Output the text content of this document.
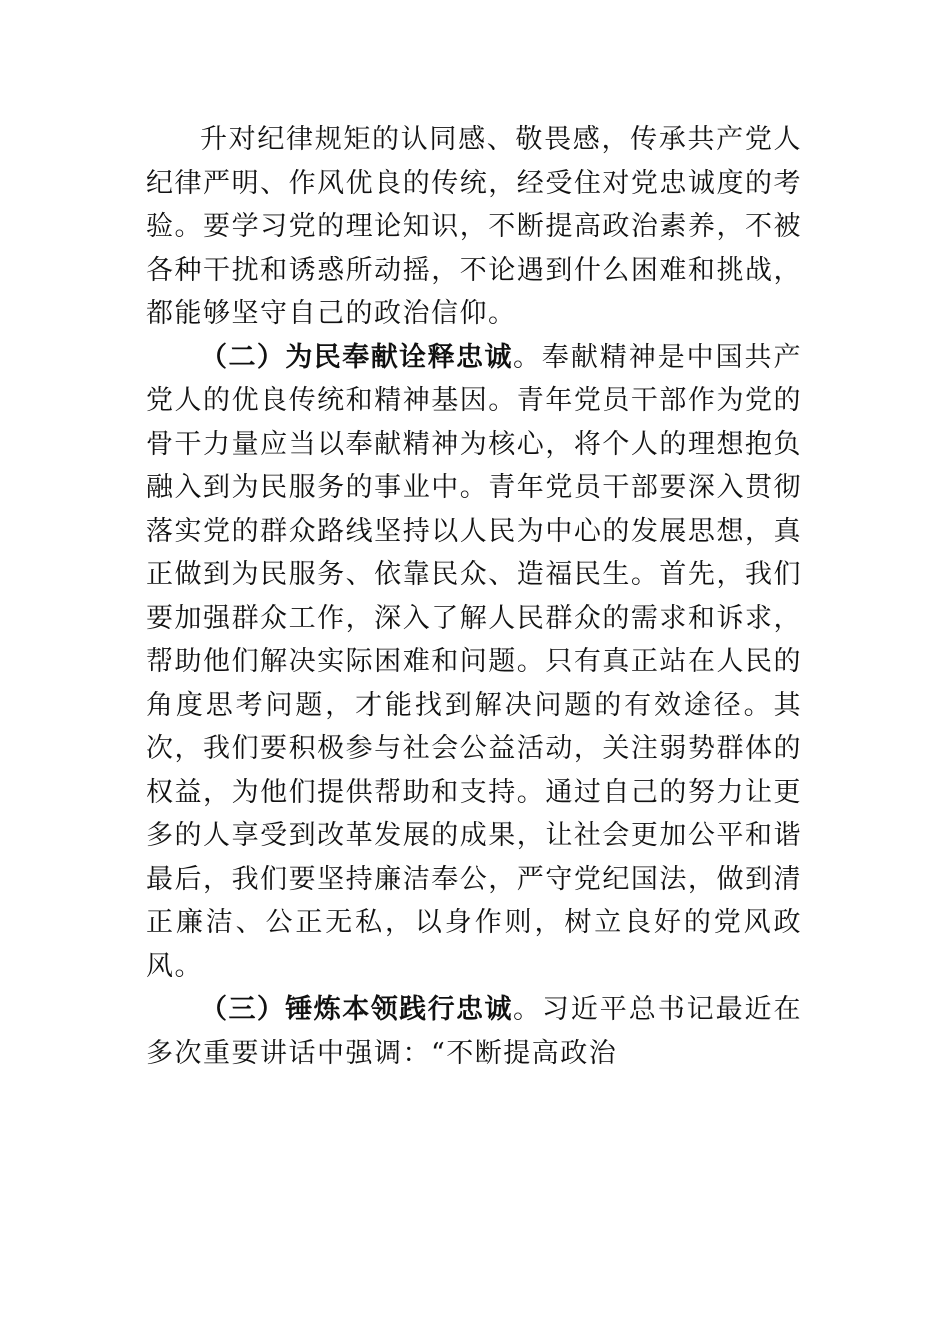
升对纪律规矩的认同感、敬畏感，传承共产党人纪律严明、作风优良的传统，经受住对党忠诚度的考验。要学习党的理论知识，不断提高政治素养，不被各种干扰和诱惑所动摇，不论遇到什么困难和挑战，都能够坚守自己的政治信仰。

（二）为民奉献诠释忠诚。奉献精神是中国共产党人的优良传统和精神基因。青年党员干部作为党的骨干力量应当以奉献精神为核心，将个人的理想抱负融入到为民服务的事业中。青年党员干部要深入贯彻落实党的群众路线坚持以人民为中心的发展思想，真正做到为民服务、依靠民众、造福民生。首先，我们要加强群众工作，深入了解人民群众的需求和诉求，帮助他们解决实际困难和问题。只有真正站在人民的角度思考问题，才能找到解决问题的有效途径。其次，我们要积极参与社会公益活动，关注弱势群体的权益，为他们提供帮助和支持。通过自己的努力让更多的人享受到改革发展的成果，让社会更加公平和谐最后，我们要坚持廉洁奉公，严守党纪国法，做到清正廉洁、公正无私，以身作则，树立良好的党风政风。

（三）锤炼本领践行忠诚。习近平总书记最近在多次重要讲话中强调：“不断提高政治
